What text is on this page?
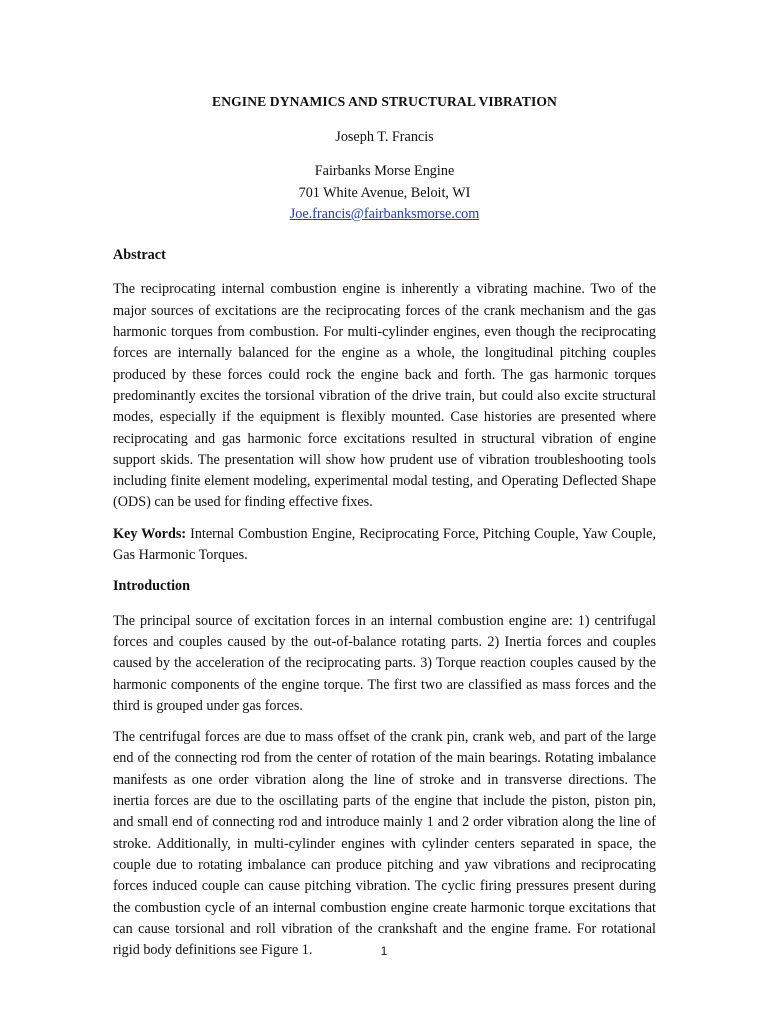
ENGINE DYNAMICS AND STRUCTURAL VIBRATION
Joseph T. Francis
Fairbanks Morse Engine
701 White Avenue, Beloit, WI
Joe.francis@fairbanksmorse.com
Abstract

The reciprocating internal combustion engine is inherently a vibrating machine. Two of the major sources of excitations are the reciprocating forces of the crank mechanism and the gas harmonic torques from combustion. For multi-cylinder engines, even though the reciprocating forces are internally balanced for the engine as a whole, the longitudinal pitching couples produced by these forces could rock the engine back and forth. The gas harmonic torques predominantly excites the torsional vibration of the drive train, but could also excite structural modes, especially if the equipment is flexibly mounted. Case histories are presented where reciprocating and gas harmonic force excitations resulted in structural vibration of engine support skids. The presentation will show how prudent use of vibration troubleshooting tools including finite element modeling, experimental modal testing, and Operating Deflected Shape (ODS) can be used for finding effective fixes.

Key Words: Internal Combustion Engine, Reciprocating Force, Pitching Couple, Yaw Couple, Gas Harmonic Torques.

Introduction

The principal source of excitation forces in an internal combustion engine are: 1) centrifugal forces and couples caused by the out-of-balance rotating parts. 2) Inertia forces and couples caused by the acceleration of the reciprocating parts. 3) Torque reaction couples caused by the harmonic components of the engine torque. The first two are classified as mass forces and the third is grouped under gas forces.

The centrifugal forces are due to mass offset of the crank pin, crank web, and part of the large end of the connecting rod from the center of rotation of the main bearings. Rotating imbalance manifests as one order vibration along the line of stroke and in transverse directions. The inertia forces are due to the oscillating parts of the engine that include the piston, piston pin, and small end of connecting rod and introduce mainly 1 and 2 order vibration along the line of stroke. Additionally, in multi-cylinder engines with cylinder centers separated in space, the couple due to rotating imbalance can produce pitching and yaw vibrations and reciprocating forces induced couple can cause pitching vibration. The cyclic firing pressures present during the combustion cycle of an internal combustion engine create harmonic torque excitations that can cause torsional and roll vibration of the crankshaft and the engine frame. For rotational rigid body definitions see Figure 1.	1
